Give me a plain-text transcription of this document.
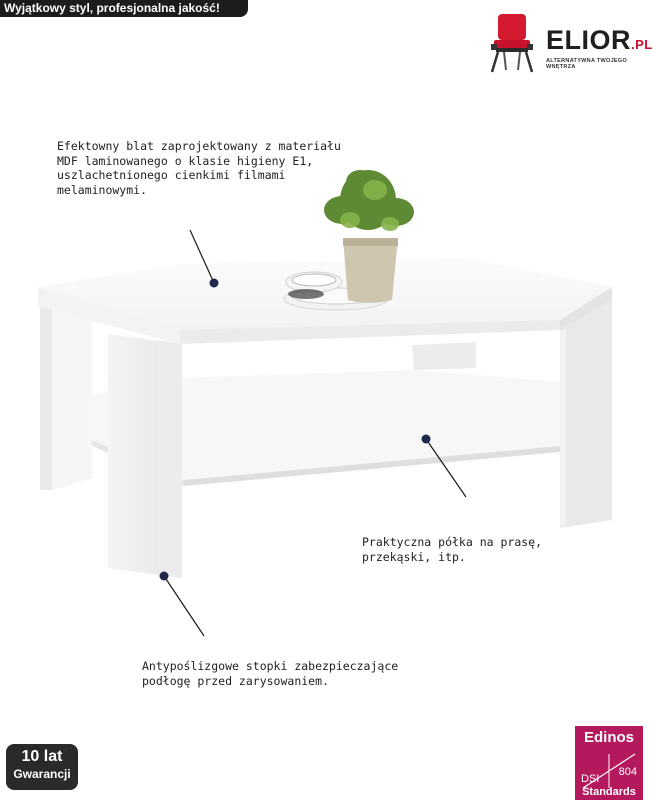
Wyjątkowy styl, profesjonalna jakość!
ELIOR.PL
ALTERNATYWNA TWOJEGO WNĘTRZA

Efektowny blat zaprojektowany z materiału
MDF laminowanego o klasie higieny E1,
uszlachetnionego cienkimi filmami
melaminowymi.

Praktyczna półka na prasę,
przekąski, itp.

Antypoślizgowe stopki zabezpieczające
podłogę przed zarysowaniem.

10 lat
Gwarancji
Edinos
DSI
804
Standards
